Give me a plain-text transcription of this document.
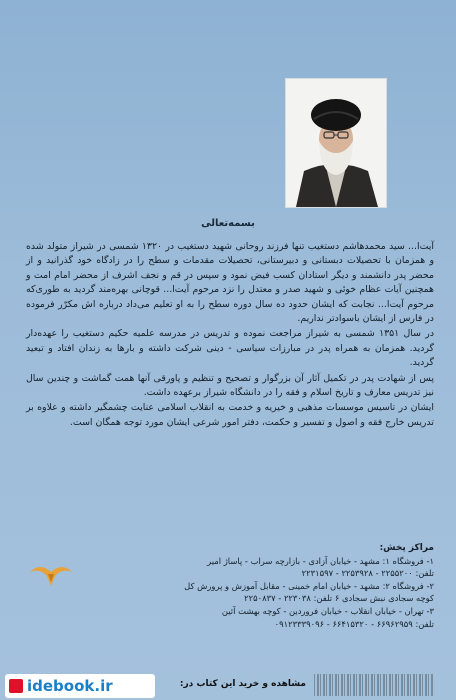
بسمه‌تعالی

آیت‌ا... سید محمدهاشم دستغیب تنها فرزند روحانی شهید دستغیب در ۱۳۲۰ شمسی در شیراز متولد شده و همزمان با تحصیلات دبستانی و دبیرستانی، تحصیلات مقدمات و سطح را در زادگاه خود گذرانید و از محضر پدر دانشمند و دیگر استادان کسب فیض نمود و سپس در قم و نجف اشرف از محضر امام امت و همچنین آیات عظام خوئی و شهید صدر و معتدل را نزد مرحوم آیت‌ا... قوچانی بهره‌مند گردید به طوری‌که مرحوم آیت‌ا... نجابت که ایشان حدود ده سال دوره سطح را به او تعلیم می‌داد درباره اش مکرّر فرموده در فارس از ایشان باسوادتر نداریم.

در سال ۱۳۵۱ شمسی به شیراز مراجعت نموده و تدریس در مدرسه علمیه حکیم دستغیب را عهده‌دار گردید. همزمان به همراه پدر در مبارزات سیاسی - دینی شرکت داشته و بارها به زندان افتاد و تبعید گردید.

پس از شهادت پدر در تکمیل آثار آن بزرگوار و تصحیح و تنظیم و پاورقی آنها همت گماشت و چندین سال نیز تدریس معارف و تاریخ اسلام و فقه را در دانشگاه شیراز برعهده داشت.

ایشان در تاسیس موسسات مذهبی و خیریه و خدمت به انقلاب اسلامی عنایت چشمگیر داشته و علاوه بر تدریس خارج فقه و اصول و تفسیر و حکمت، دفتر امور شرعی ایشان مورد توجه همگان است.

مراکز پخش:
۱- فروشگاه ۱: مشهد - خیابان آزادی - بازارچه سراب - پاساژ امیر
تلفن: ۲۲۵۵۲۰۰ - ۲۲۵۳۹۲۸ - ۲۲۳۱۵۹۷
۲- فروشگاه ۲: مشهد - خیابان امام خمینی - مقابل آموزش و پرورش کل
کوچه سجادی نبش سجادی ۶ تلفن: ۲۲۳۰۳۸ - ۲۲۵۰۸۳۷
۳- تهران - خیابان انقلاب - خیابان فروردین - کوچه بهشت آئین
تلفن: ۶۶۹۶۲۹۵۹ - ۶۶۴۱۵۳۲۰ - ۰۹۱۲۳۳۳۹۰۹۶
idebook.ir	مشاهده و خرید این کتاب در:
